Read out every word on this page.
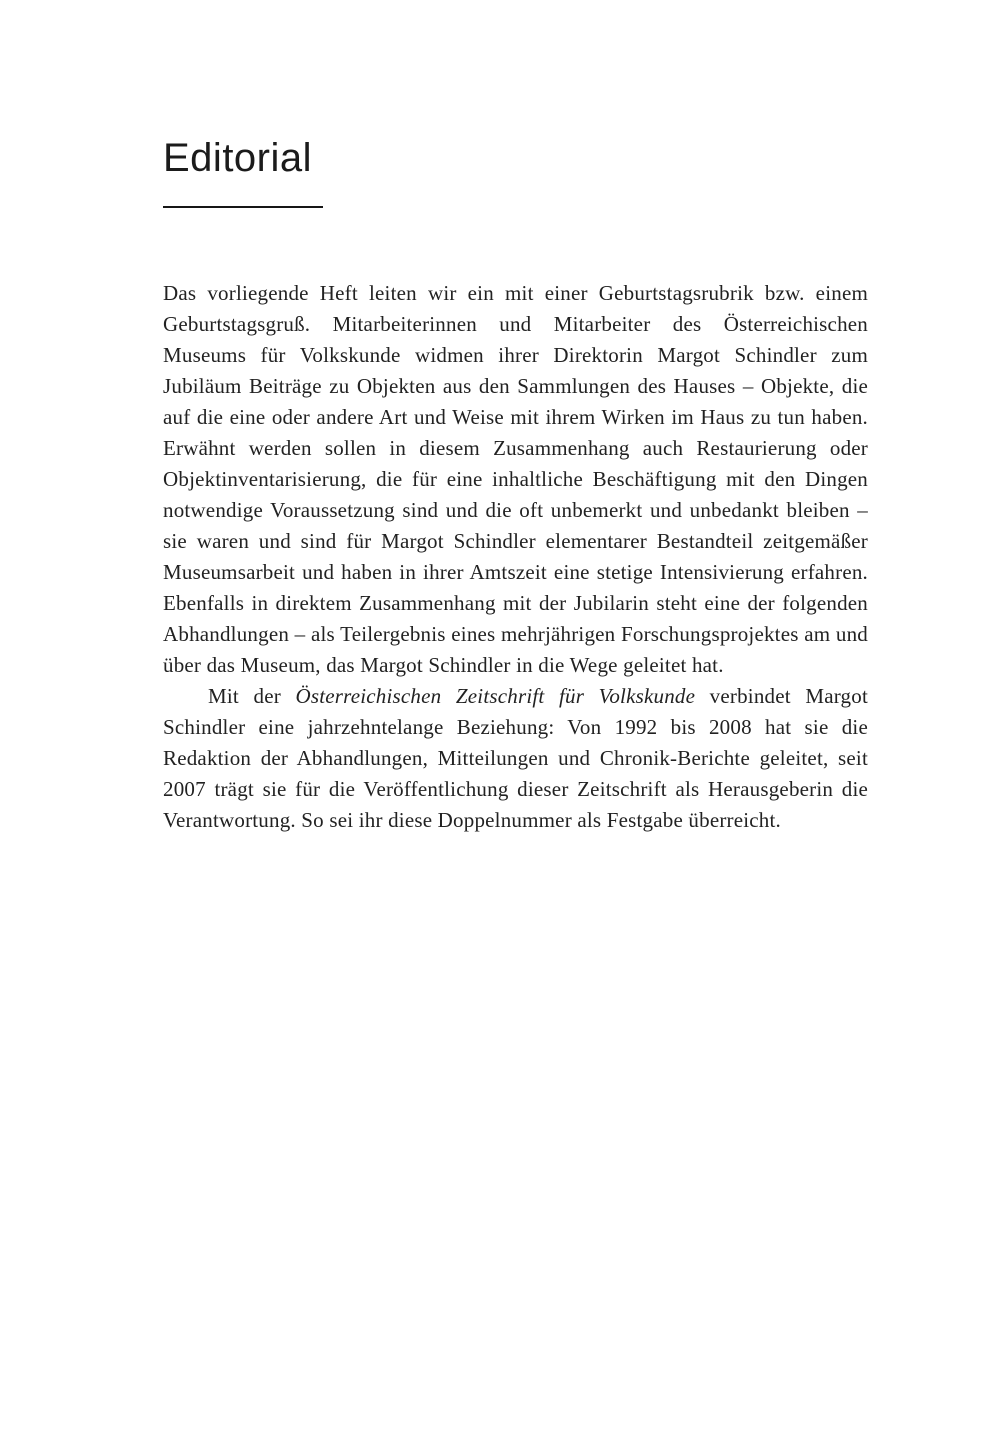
Editorial

Das vorliegende Heft leiten wir ein mit einer Geburtstagsrubrik bzw. einem Geburtstagsgruß. Mitarbeiterinnen und Mitarbeiter des Österreichischen Museums für Volkskunde widmen ihrer Direktorin Margot Schindler zum Jubiläum Beiträge zu Objekten aus den Sammlungen des Hauses – Objekte, die auf die eine oder andere Art und Weise mit ihrem Wirken im Haus zu tun haben. Erwähnt werden sollen in diesem Zusammenhang auch Restaurierung oder Objektinventarisierung, die für eine inhaltliche Beschäftigung mit den Dingen notwendige Voraussetzung sind und die oft unbemerkt und unbedankt bleiben – sie waren und sind für Margot Schindler elementarer Bestandteil zeitgemäßer Museumsarbeit und haben in ihrer Amtszeit eine stetige Intensivierung erfahren. Ebenfalls in direktem Zusammenhang mit der Jubilarin steht eine der folgenden Abhandlungen – als Teilergebnis eines mehrjährigen Forschungsprojektes am und über das Museum, das Margot Schindler in die Wege geleitet hat.

Mit der Österreichischen Zeitschrift für Volkskunde verbindet Margot Schindler eine jahrzehntelange Beziehung: Von 1992 bis 2008 hat sie die Redaktion der Abhandlungen, Mitteilungen und Chronik-Berichte geleitet, seit 2007 trägt sie für die Veröffentlichung dieser Zeitschrift als Herausgeberin die Verantwortung. So sei ihr diese Doppelnummer als Festgabe überreicht.
